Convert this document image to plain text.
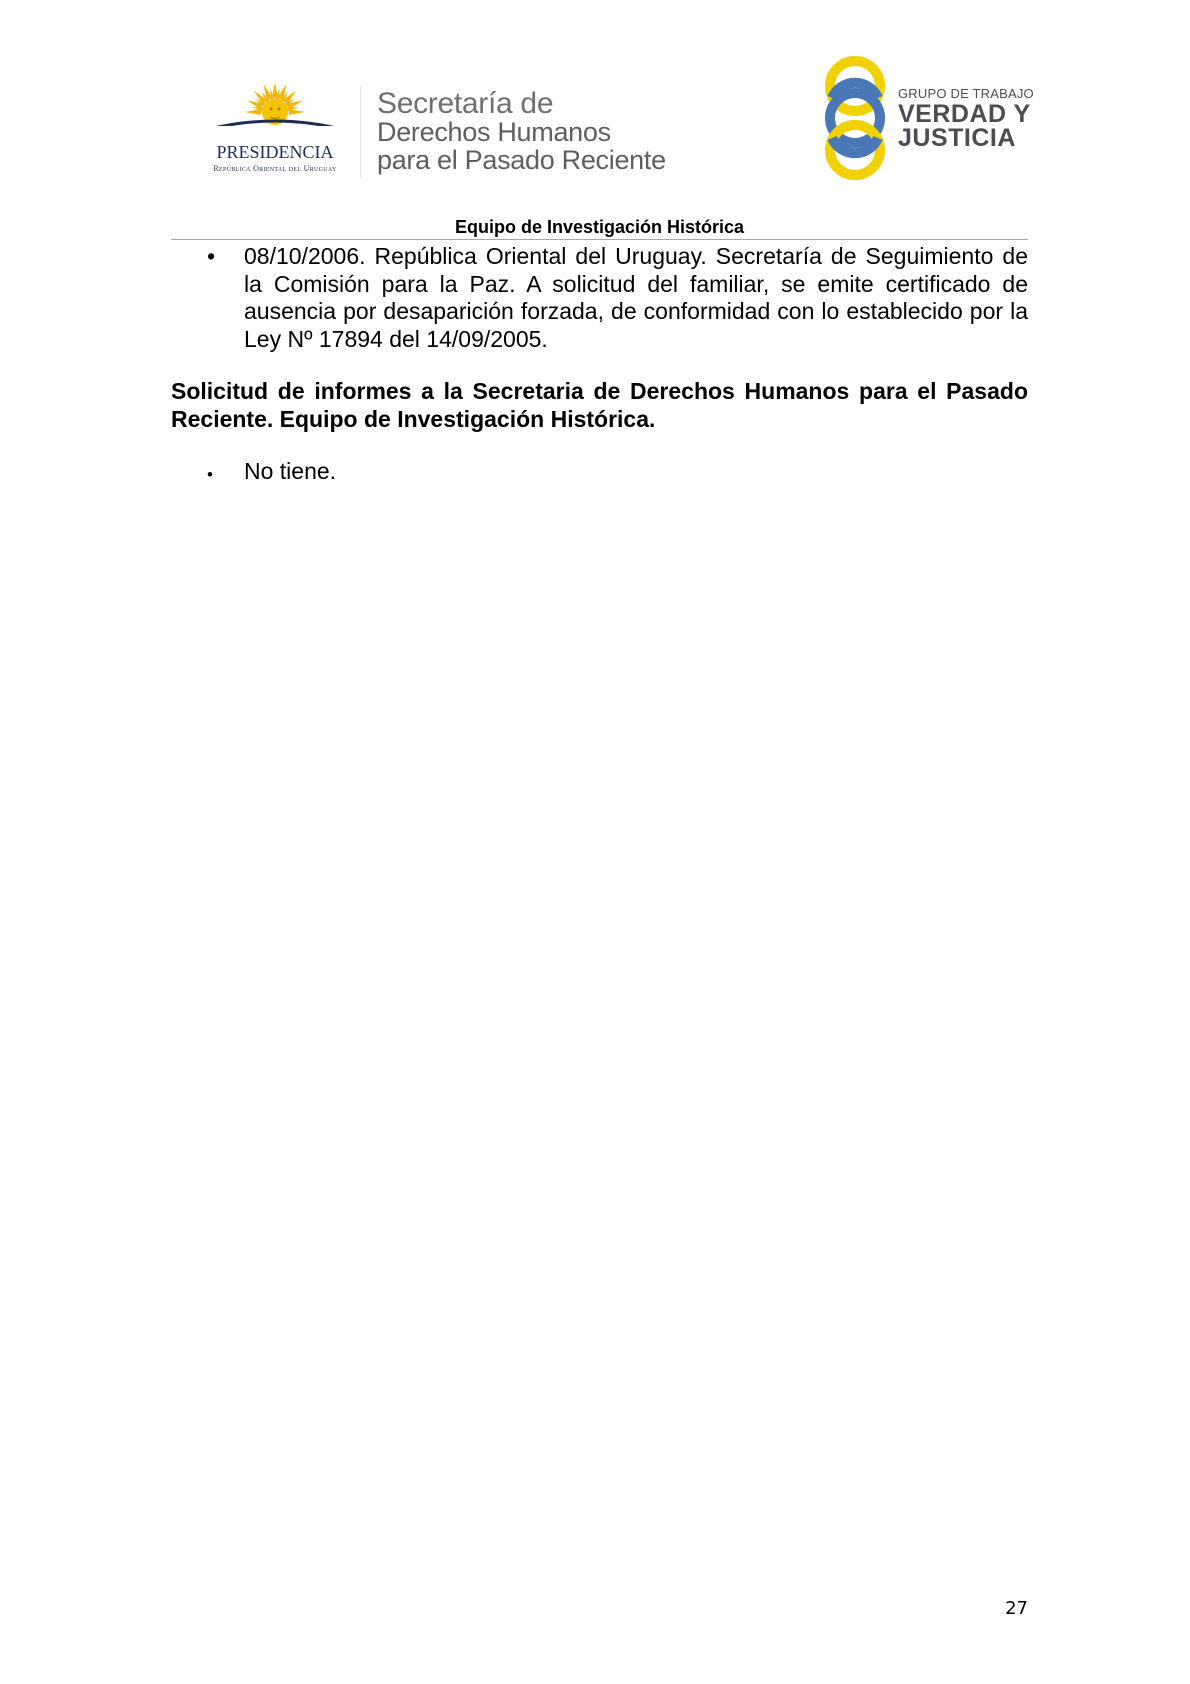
PRESIDENCIA
República Oriental del Uruguay
Secretaría de
Derechos Humanos
para el Pasado Reciente
GRUPO DE TRABAJO
VERDAD Y
JUSTICIA
Equipo de Investigación Histórica
• 08/10/2006. República Oriental del Uruguay. Secretaría de Seguimiento de la Comisión para la Paz. A solicitud del familiar, se emite certificado de ausencia por desaparición forzada, de conformidad con lo establecido por la Ley Nº 17894 del 14/09/2005.

Solicitud de informes a la Secretaria de Derechos Humanos para el Pasado Reciente. Equipo de Investigación Histórica.

• No tiene.
27
